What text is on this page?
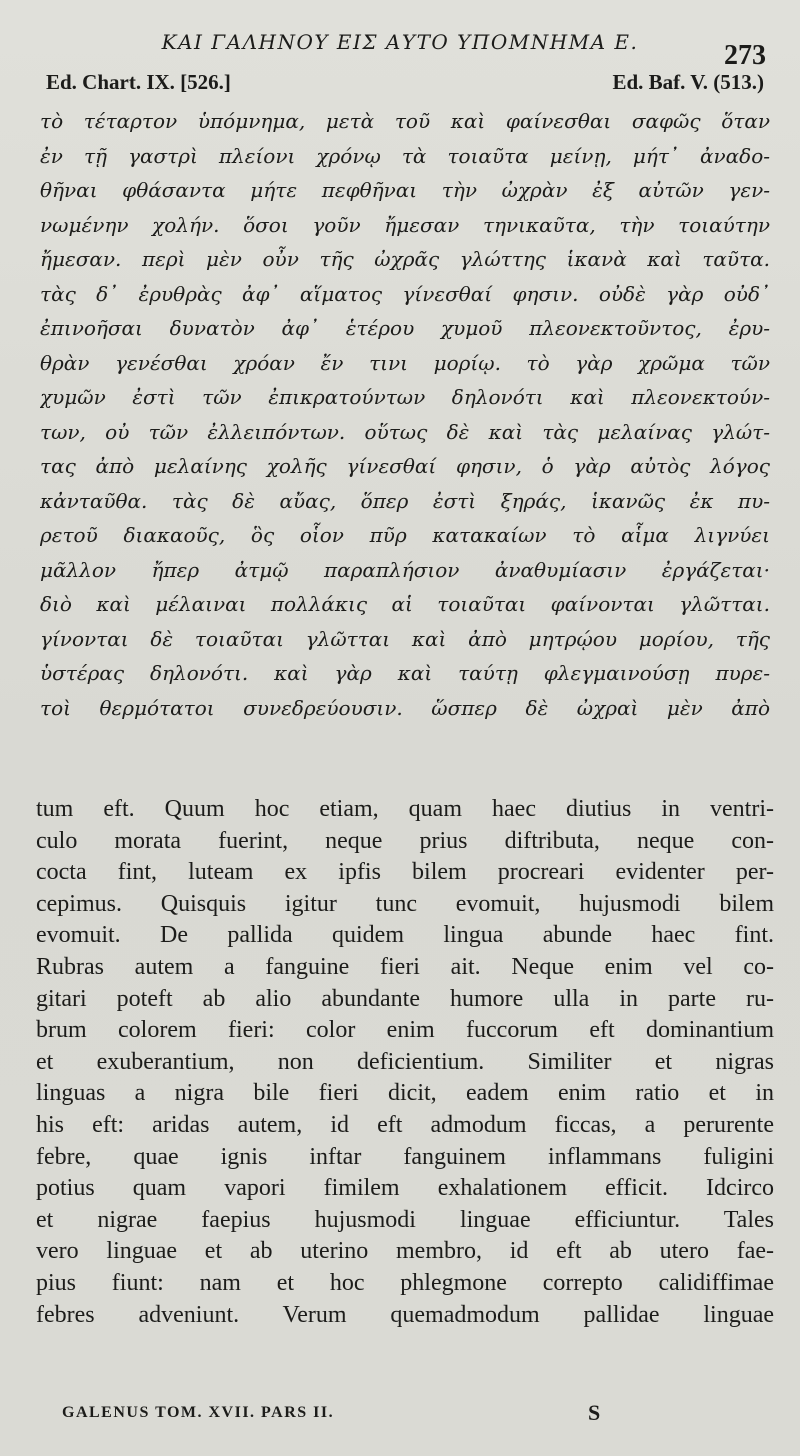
ΚΑΙ ΓΑΛΗΝΟΥ ΕΙΣ ΑΥΤΟ ΥΠΟΜΝΗΜΑ Ε.	273
Ed. Chart. IX. [526.]	Ed. Baf. V. (513.)
τὸ τέταρτον ὑπόμνημα, μετὰ τοῦ καὶ φαίνεσθαι σαφῶς ὅταν
ἐν τῇ γαστρὶ πλείονι χρόνῳ τὰ τοιαῦτα μείνῃ, μήτ᾿ ἀναδο-
θῆναι φθάσαντα μήτε πεφθῆναι τὴν ὠχρὰν ἐξ αὐτῶν γεν-
νωμένην χολήν. ὅσοι γοῦν ἤμεσαν τηνικαῦτα, τὴν τοιαύτην
ἤμεσαν. περὶ μὲν οὖν τῆς ὠχρᾶς γλώττης ἱκανὰ καὶ ταῦτα.
τὰς δ᾿ ἐρυθρὰς ἀφ᾿ αἵματος γίνεσθαί φησιν. οὐδὲ γὰρ οὐδ᾿
ἐπινοῆσαι δυνατὸν ἀφ᾿ ἑτέρου χυμοῦ πλεονεκτοῦντος, ἐρυ-
θρὰν γενέσθαι χρόαν ἔν τινι μορίῳ. τὸ γὰρ χρῶμα τῶν
χυμῶν ἐστὶ τῶν ἐπικρατούντων δηλονότι καὶ πλεονεκτούν-
των, οὐ τῶν ἐλλειπόντων. οὕτως δὲ καὶ τὰς μελαίνας γλώτ-
τας ἀπὸ μελαίνης χολῆς γίνεσθαί φησιν, ὁ γὰρ αὐτὸς λόγος
κἀνταῦθα. τὰς δὲ αὔας, ὅπερ ἐστὶ ξηράς, ἱκανῶς ἐκ πυ-
ρετοῦ διακαοῦς, ὃς οἷον πῦρ κατακαίων τὸ αἷμα λιγνύει
μᾶλλον ἤπερ ἀτμῷ παραπλήσιον ἀναθυμίασιν ἐργάζεται·
διὸ καὶ μέλαιναι πολλάκις αἱ τοιαῦται φαίνονται γλῶτται.
γίνονται δὲ τοιαῦται γλῶτται καὶ ἀπὸ μητρῴου μορίου, τῆς
ὑστέρας δηλονότι. καὶ γὰρ καὶ ταύτῃ φλεγμαινούσῃ πυρε-
τοὶ θερμότατοι συνεδρεύουσιν. ὥσπερ δὲ ὠχραὶ μὲν ἀπὸ
tum eft. Quum hoc etiam, quam haec diutius in ventri-
culo morata fuerint, neque prius diftributa, neque con-
cocta fint, luteam ex ipfis bilem procreari evidenter per-
cepimus. Quisquis igitur tunc evomuit, hujusmodi bilem
evomuit. De pallida quidem lingua abunde haec fint.
Rubras autem a fanguine fieri ait. Neque enim vel co-
gitari poteft ab alio abundante humore ulla in parte ru-
brum colorem fieri: color enim fuccorum eft dominantium
et exuberantium, non deficientium. Similiter et nigras
linguas a nigra bile fieri dicit, eadem enim ratio et in
his eft: aridas autem, id eft admodum ficcas, a perurente
febre, quae ignis inftar fanguinem inflammans fuligini
potius quam vapori fimilem exhalationem efficit. Idcirco
et nigrae faepius hujusmodi linguae efficiuntur. Tales
vero linguae et ab uterino membro, id eft ab utero fae-
pius fiunt: nam et hoc phlegmone correpto calidiffimae
febres adveniunt. Verum quemadmodum pallidae linguae
GALENUS TOM. XVII. PARS II.	S
